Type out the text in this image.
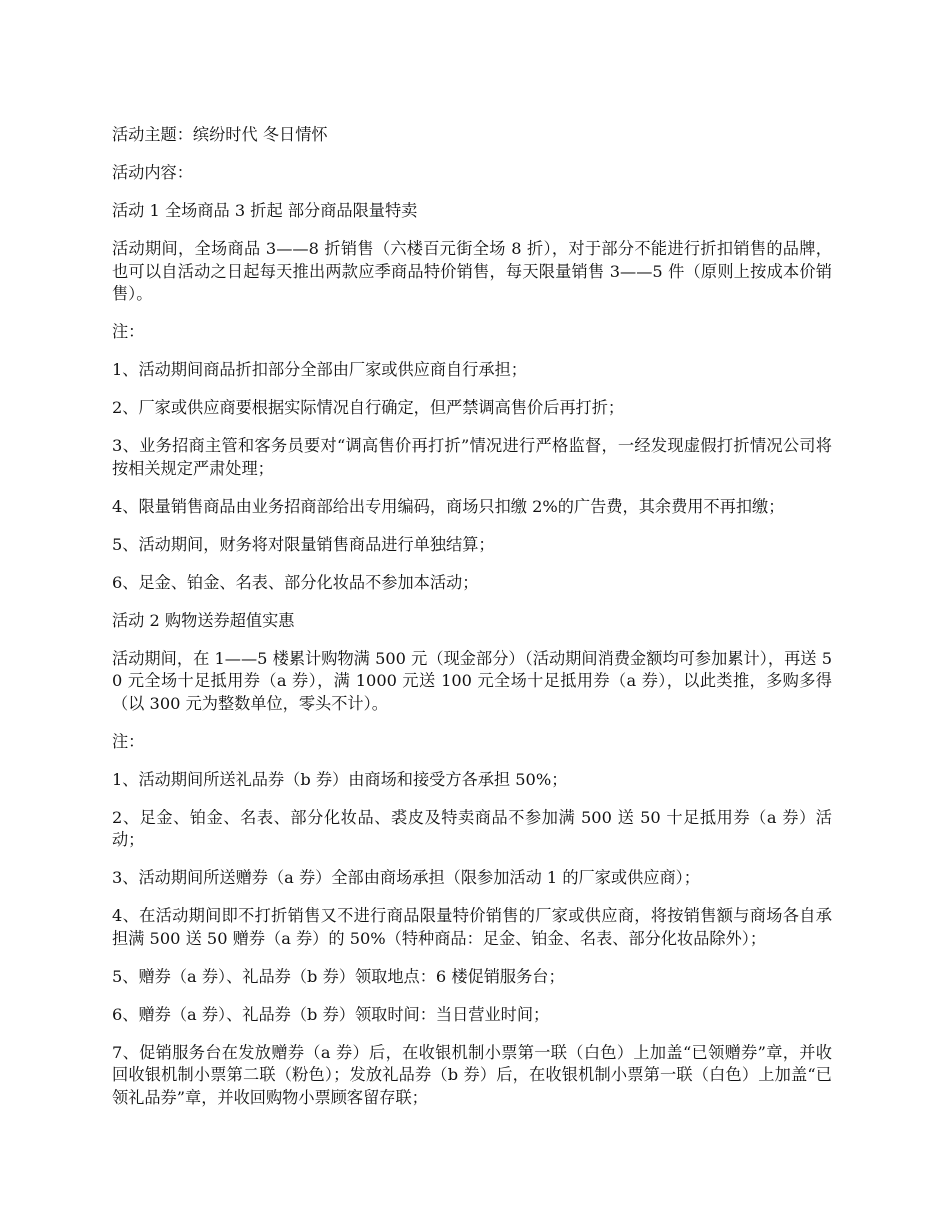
活动主题：缤纷时代 冬日情怀

活动内容：

活动 1 全场商品 3 折起 部分商品限量特卖

活动期间，全场商品 3——8 折销售（六楼百元街全场 8 折），对于部分不能进行折扣销售的品牌，也可以自活动之日起每天推出两款应季商品特价销售，每天限量销售 3——5 件（原则上按成本价销售）。

注：

1、活动期间商品折扣部分全部由厂家或供应商自行承担；

2、厂家或供应商要根据实际情况自行确定，但严禁调高售价后再打折；

3、业务招商主管和客务员要对“调高售价再打折”情况进行严格监督，一经发现虚假打折情况公司将按相关规定严肃处理；

4、限量销售商品由业务招商部给出专用编码，商场只扣缴 2%的广告费，其余费用不再扣缴；

5、活动期间，财务将对限量销售商品进行单独结算；

6、足金、铂金、名表、部分化妆品不参加本活动；

活动 2 购物送券超值实惠

活动期间，在 1——5 楼累计购物满 500 元（现金部分）（活动期间消费金额均可参加累计），再送 50 元全场十足抵用券（a 券），满 1000 元送 100 元全场十足抵用券（a 券），以此类推，多购多得（以 300 元为整数单位，零头不计）。

注：

1、活动期间所送礼品券（b 券）由商场和接受方各承担 50%；

2、足金、铂金、名表、部分化妆品、裘皮及特卖商品不参加满 500 送 50 十足抵用券（a 券）活动；

3、活动期间所送赠券（a 券）全部由商场承担（限参加活动 1 的厂家或供应商）；

4、在活动期间即不打折销售又不进行商品限量特价销售的厂家或供应商，将按销售额与商场各自承担满 500 送 50 赠券（a 券）的 50%（特种商品：足金、铂金、名表、部分化妆品除外）；

5、赠券（a 券）、礼品券（b 券）领取地点：6 楼促销服务台；

6、赠券（a 券）、礼品券（b 券）领取时间：当日营业时间；

7、促销服务台在发放赠券（a 券）后，在收银机制小票第一联（白色）上加盖“已领赠券”章，并收回收银机制小票第二联（粉色）；发放礼品券（b 券）后，在收银机制小票第一联（白色）上加盖“已领礼品券”章，并收回购物小票顾客留存联；
